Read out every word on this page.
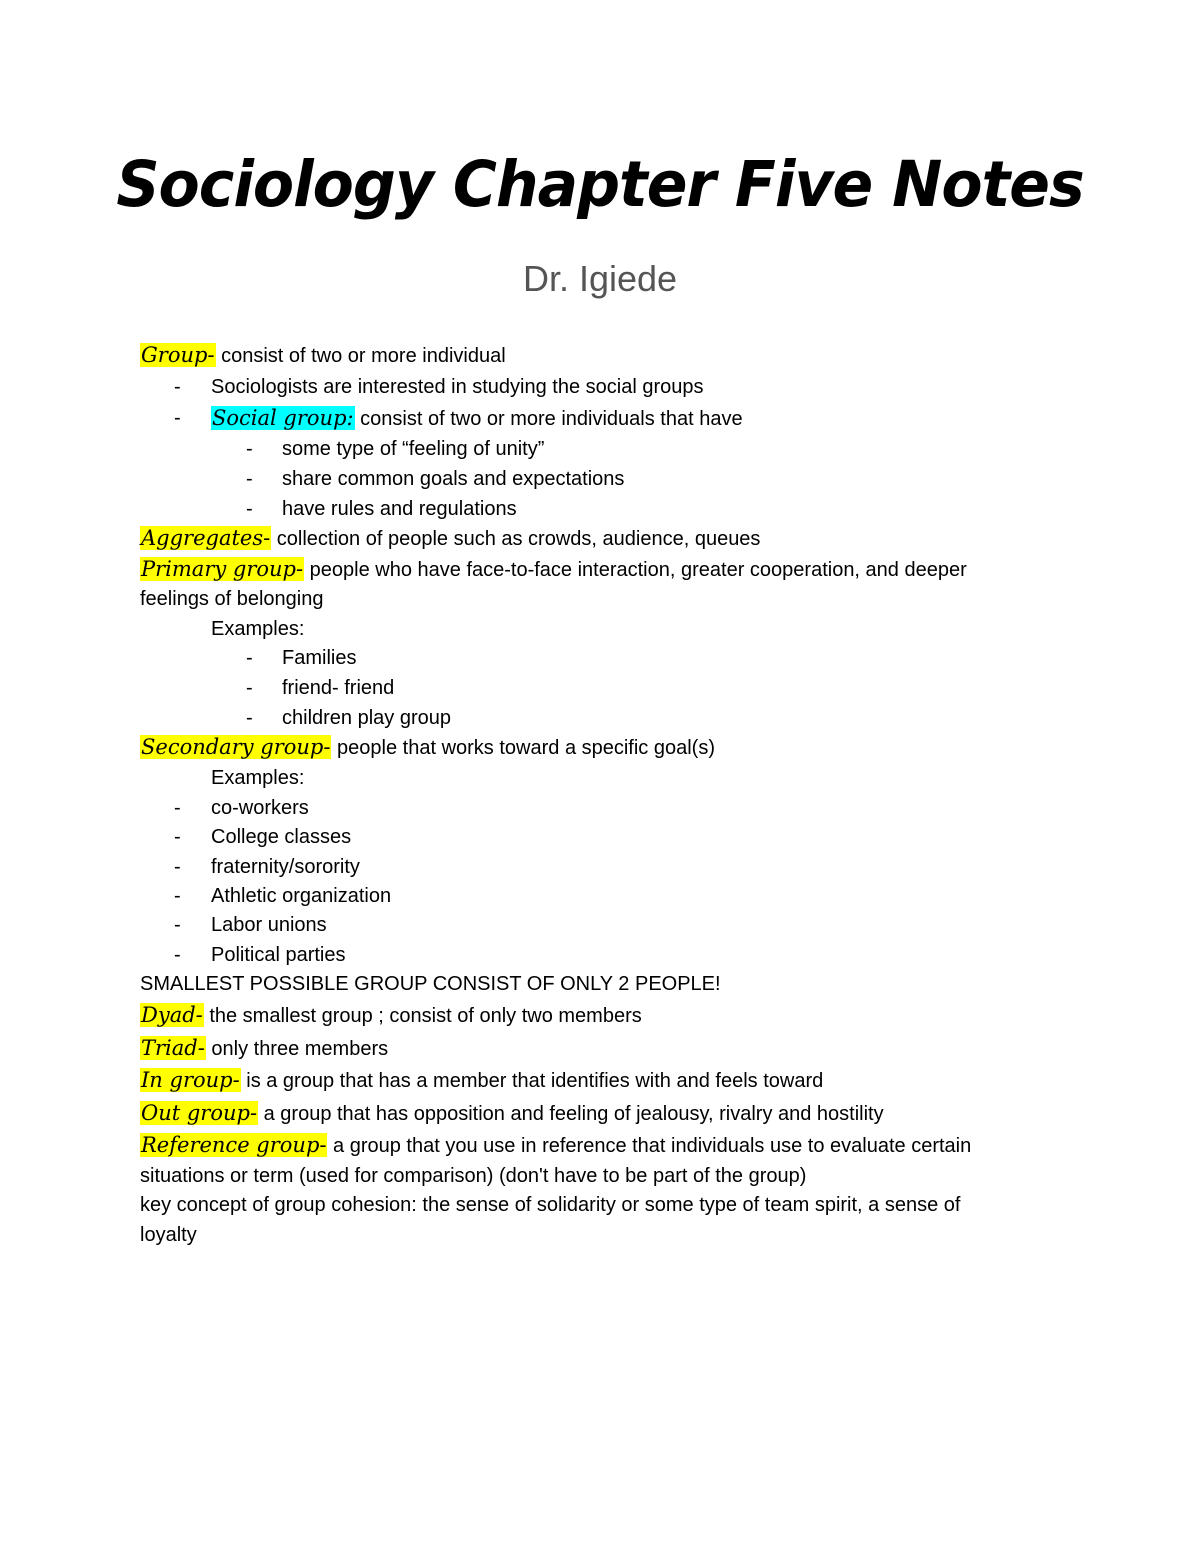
Sociology Chapter Five Notes
Dr. Igiede
Group- consist of two or more individual
- Sociologists are interested in studying the social groups
- Social group: consist of two or more individuals that have
- some type of “feeling of unity”
- share common goals and expectations
- have rules and regulations
Aggregates- collection of people such as crowds, audience, queues
Primary group- people who have face-to-face interaction, greater cooperation, and deeper
feelings of belonging
Examples:
- Families
- friend- friend
- children play group
Secondary group- people that works toward a specific goal(s)
Examples:
- co-workers
- College classes
- fraternity/sorority
- Athletic organization
- Labor unions
- Political parties
SMALLEST POSSIBLE GROUP CONSIST OF ONLY 2 PEOPLE!
Dyad- the smallest group ; consist of only two members
Triad- only three members
In group- is a group that has a member that identifies with and feels toward
Out group- a group that has opposition and feeling of jealousy, rivalry and hostility
Reference group- a group that you use in reference that individuals use to evaluate certain
situations or term (used for comparison) (don't have to be part of the group)
key concept of group cohesion: the sense of solidarity or some type of team spirit, a sense of
loyalty
